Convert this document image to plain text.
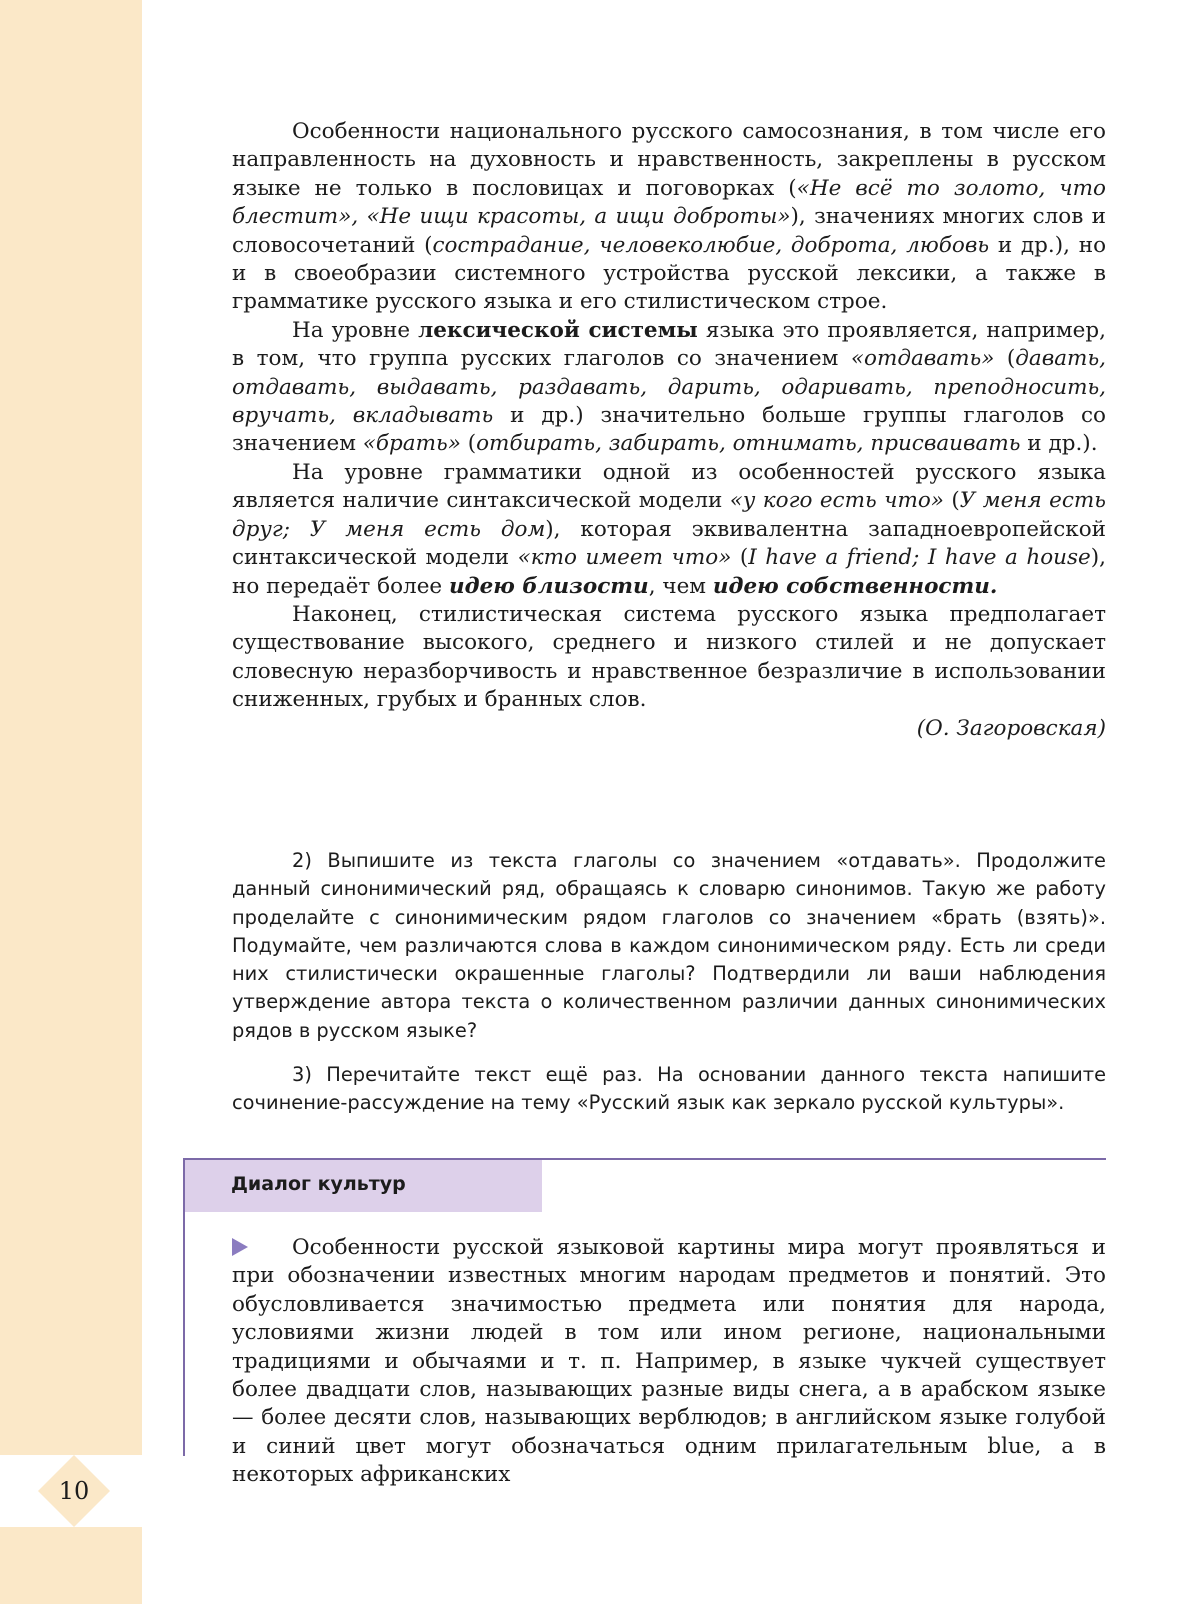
10

Особенности национального русского самосознания, в том числе его направленность на духовность и нравственность, закреплены в русском языке не только в пословицах и поговорках («Не всё то золото, что блестит», «Не ищи красоты, а ищи доброты»), значениях многих слов и словосочетаний (сострадание, человеколюбие, доброта, любовь и др.), но и в своеобразии системного устройства русской лексики, а также в грамматике русского языка и его стилистическом строе.

На уровне лексической системы языка это проявляется, например, в том, что группа русских глаголов со значением «отдавать» (давать, отдавать, выдавать, раздавать, дарить, одаривать, преподносить, вручать, вкладывать и др.) значительно больше группы глаголов со значением «брать» (отбирать, забирать, отнимать, присваивать и др.).

На уровне грамматики одной из особенностей русского языка является наличие синтаксической модели «у кого есть что» (У меня есть друг; У меня есть дом), которая эквивалентна западноевропейской синтаксической модели «кто имеет что» (I have a friend; I have a house), но передаёт более идею близости, чем идею собственности.

Наконец, стилистическая система русского языка предполагает существование высокого, среднего и низкого стилей и не допускает словесную неразборчивость и нравственное безразличие в использовании сниженных, грубых и бранных слов.

(О. Загоровская)

2) Выпишите из текста глаголы со значением «отдавать». Продолжите данный синонимический ряд, обращаясь к словарю синонимов. Такую же работу проделайте с синонимическим рядом глаголов со значением «брать (взять)». Подумайте, чем различаются слова в каждом синонимическом ряду. Есть ли среди них стилистически окрашенные глаголы? Подтвердили ли ваши наблюдения утверждение автора текста о количественном различии данных синонимических рядов в русском языке?

3) Перечитайте текст ещё раз. На основании данного текста напишите сочинение-рассуждение на тему «Русский язык как зеркало русской культуры».

Диалог культур
Особенности русской языковой картины мира могут проявляться и при обозначении известных многим народам предметов и понятий. Это обусловливается значимостью предмета или понятия для народа, условиями жизни людей в том или ином регионе, национальными традициями и обычаями и т. п. Например, в языке чукчей существует более двадцати слов, называющих разные виды снега, а в арабском языке — более десяти слов, называющих верблюдов; в английском языке голубой и синий цвет могут обозначаться одним прилагательным blue, а в некоторых африканских
